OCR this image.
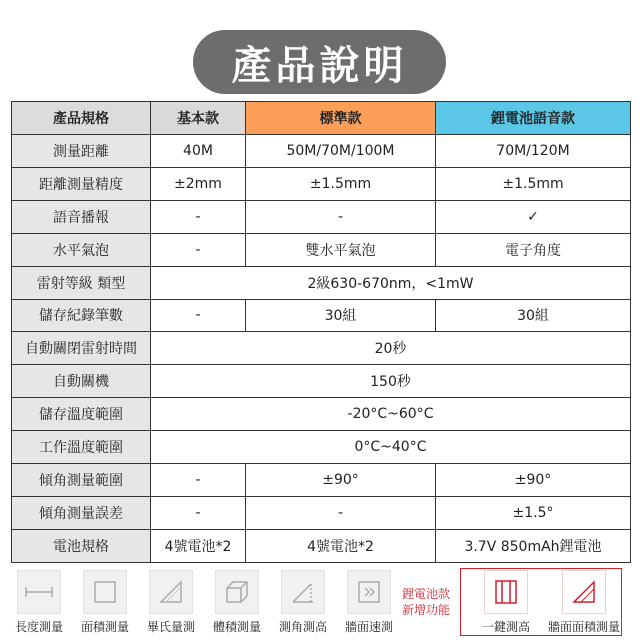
產品說明
產品規格	基本款	標準款	鋰電池語音款
測量距離	40M	50M/70M/100M	70M/120M
距離測量精度	±2mm	±1.5mm	±1.5mm
語音播報	-	-	✓
水平氣泡	-	雙水平氣泡	電子角度
雷射等級 類型	2級630-670nm，<1mW		
儲存紀錄筆數	-	30組	30組
自動關閉雷射時間	20秒		
自動關機	150秒		
儲存溫度範圍	-20°C~60°C		
工作溫度範圍	0°C~40°C		
傾角測量範圍	-	±90°	±90°
傾角測量誤差	-	-	±1.5°
電池規格	4號電池*2	4號電池*2	3.7V 850mAh鋰電池
長度測量	面積測量	畢氏量測	體積測量	測角測高	牆面速測
鋰電池款
新增功能
一鍵測高	牆面面積測量
